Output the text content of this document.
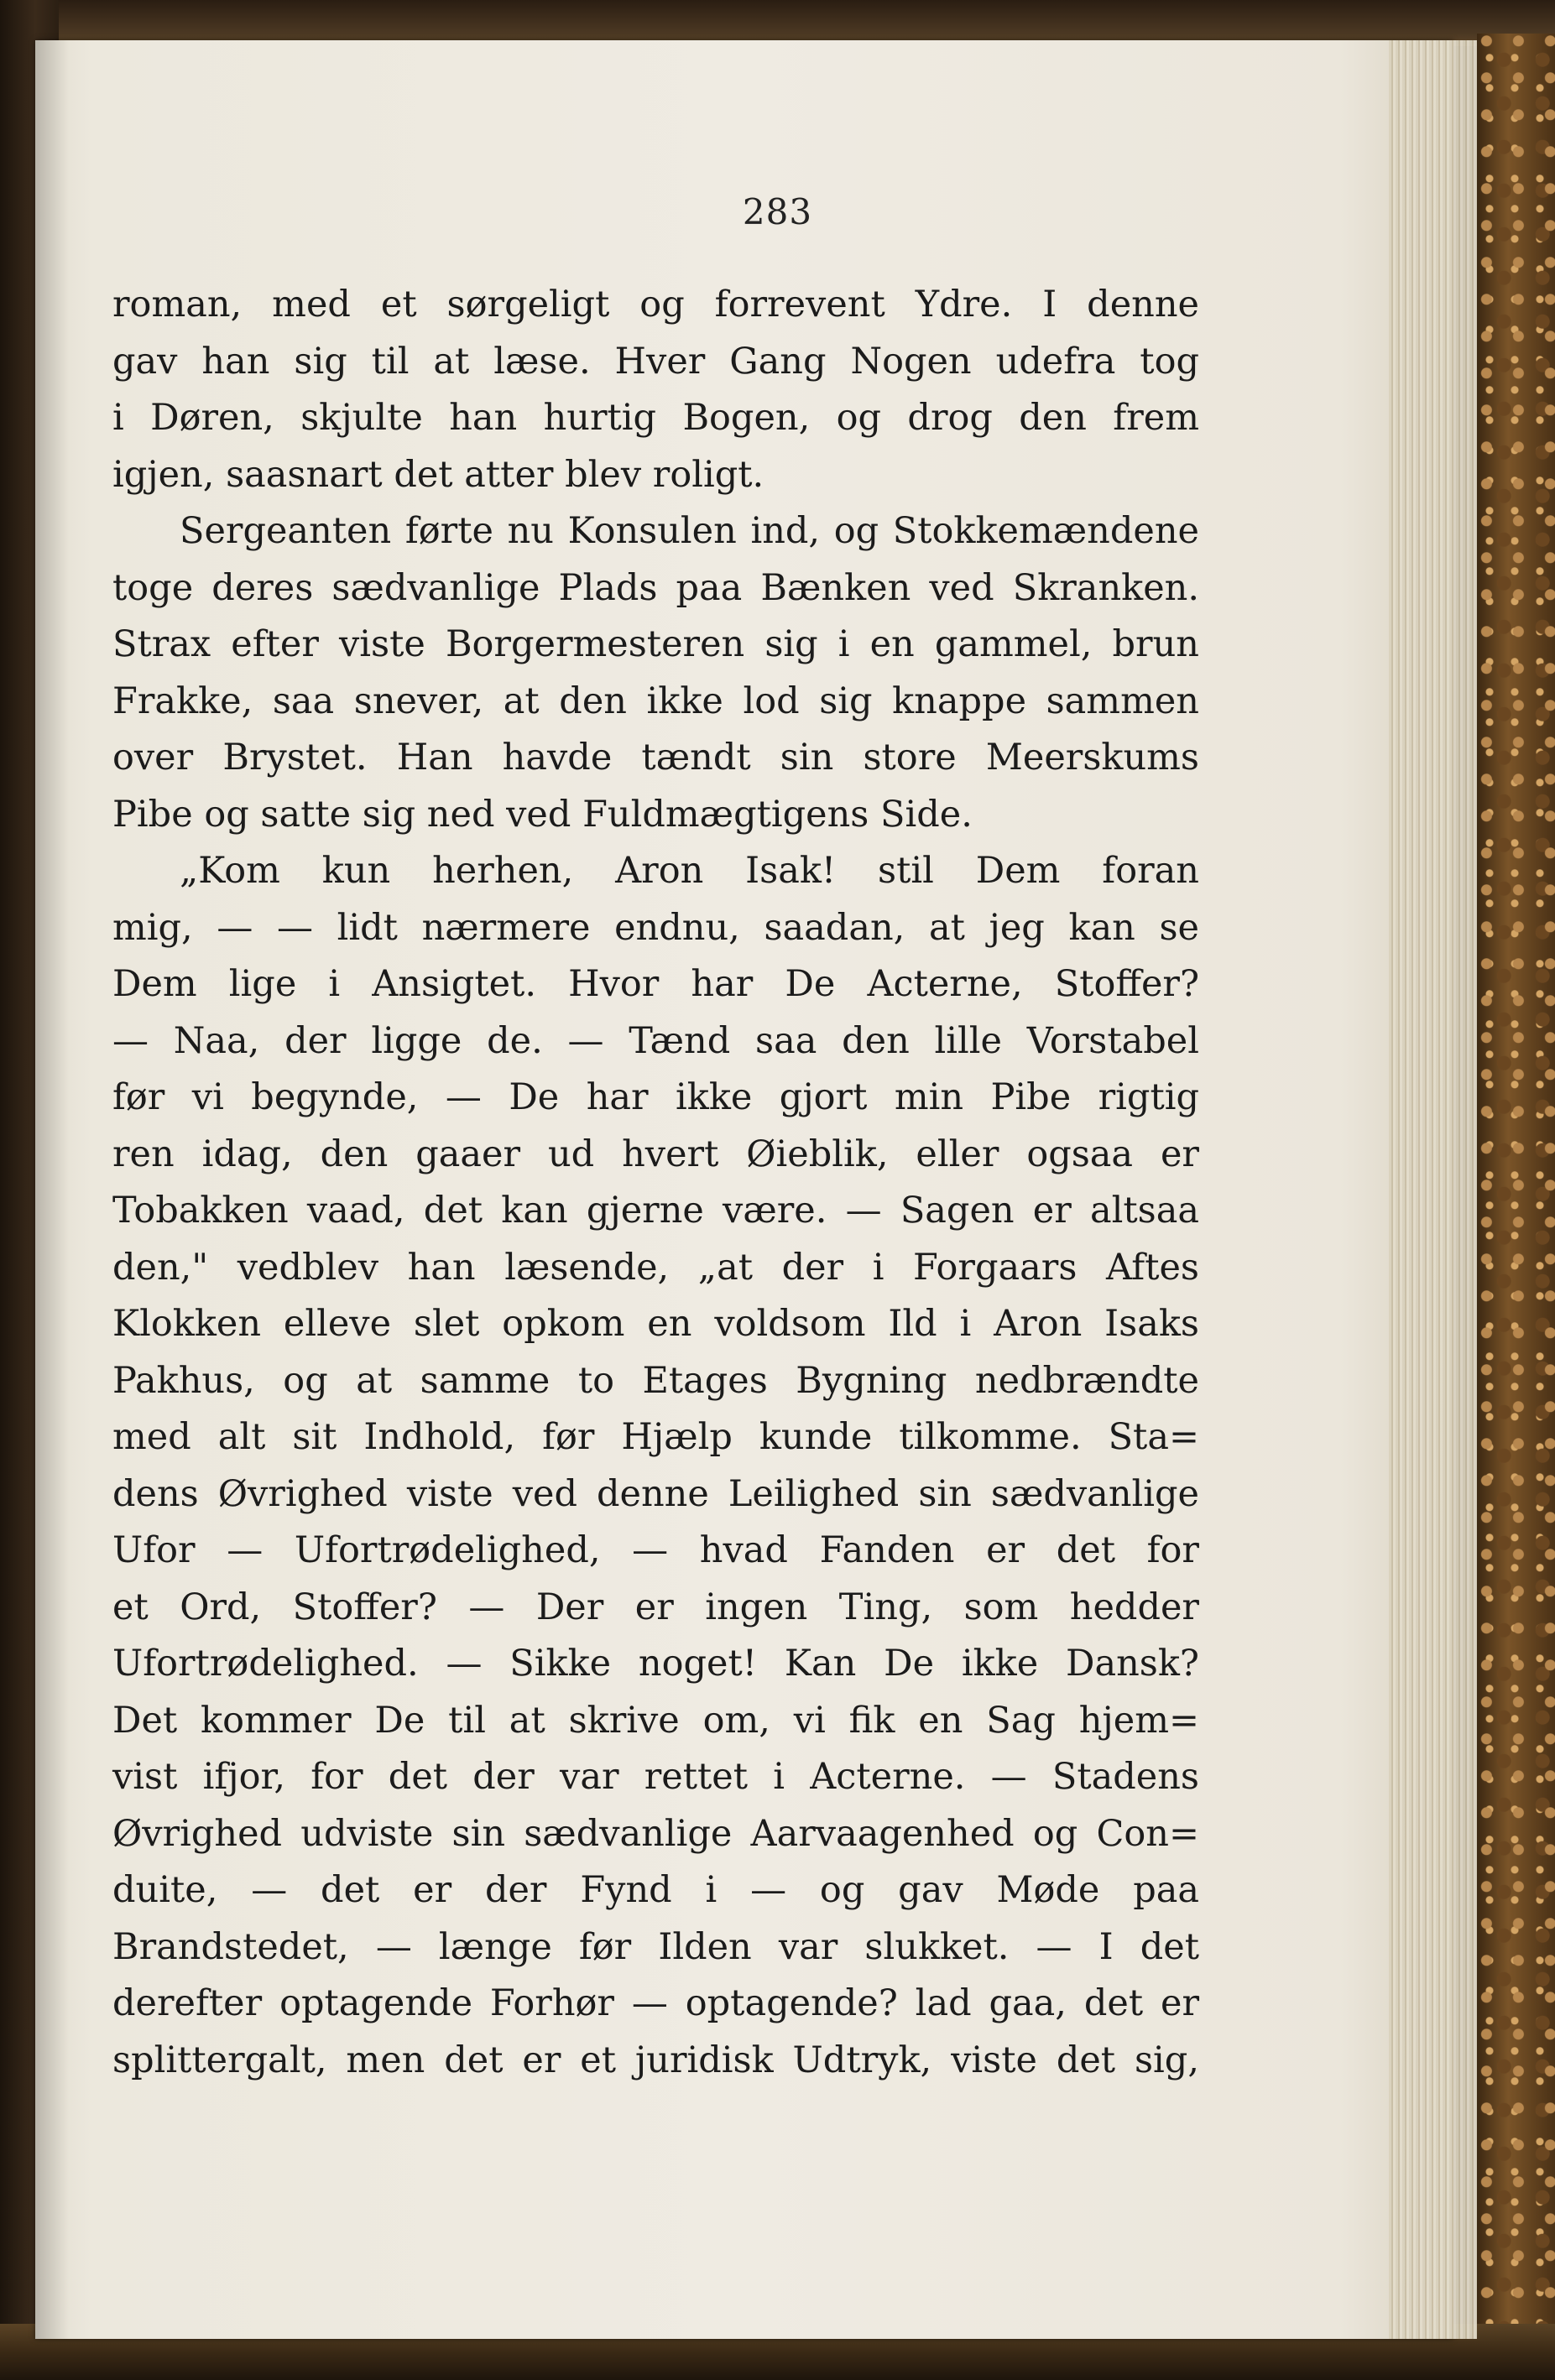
283
roman, med et sørgeligt og forrevent Ydre. I denne
gav han sig til at læse. Hver Gang Nogen udefra tog
i Døren, skjulte han hurtig Bogen, og drog den frem
igjen, saasnart det atter blev roligt.
Sergeanten førte nu Konsulen ind, og Stokkemændene
toge deres sædvanlige Plads paa Bænken ved Skranken.
Strax efter viste Borgermesteren sig i en gammel, brun
Frakke, saa snever, at den ikke lod sig knappe sammen
over Brystet. Han havde tændt sin store Meerskums
Pibe og satte sig ned ved Fuldmægtigens Side.
„Kom kun herhen, Aron Isak! stil Dem foran
mig, — — lidt nærmere endnu, saadan, at jeg kan se
Dem lige i Ansigtet. Hvor har De Acterne, Stoffer?
— Naa, der ligge de. — Tænd saa den lille Vorstabel
før vi begynde, — De har ikke gjort min Pibe rigtig
ren idag, den gaaer ud hvert Øieblik, eller ogsaa er
Tobakken vaad, det kan gjerne være. — Sagen er altsaa
den," vedblev han læsende, „at der i Forgaars Aftes
Klokken elleve slet opkom en voldsom Ild i Aron Isaks
Pakhus, og at samme to Etages Bygning nedbrændte
med alt sit Indhold, før Hjælp kunde tilkomme. Sta=
dens Øvrighed viste ved denne Leilighed sin sædvanlige
Ufor — Ufortrødelighed, — hvad Fanden er det for
et Ord, Stoffer? — Der er ingen Ting, som hedder
Ufortrødelighed. — Sikke noget! Kan De ikke Dansk?
Det kommer De til at skrive om, vi fik en Sag hjem=
vist ifjor, for det der var rettet i Acterne. — Stadens
Øvrighed udviste sin sædvanlige Aarvaagenhed og Con=
duite, — det er der Fynd i — og gav Møde paa
Brandstedet, — længe før Ilden var slukket. — I det
derefter optagende Forhør — optagende? lad gaa, det er
splittergalt, men det er et juridisk Udtryk, viste det sig,
